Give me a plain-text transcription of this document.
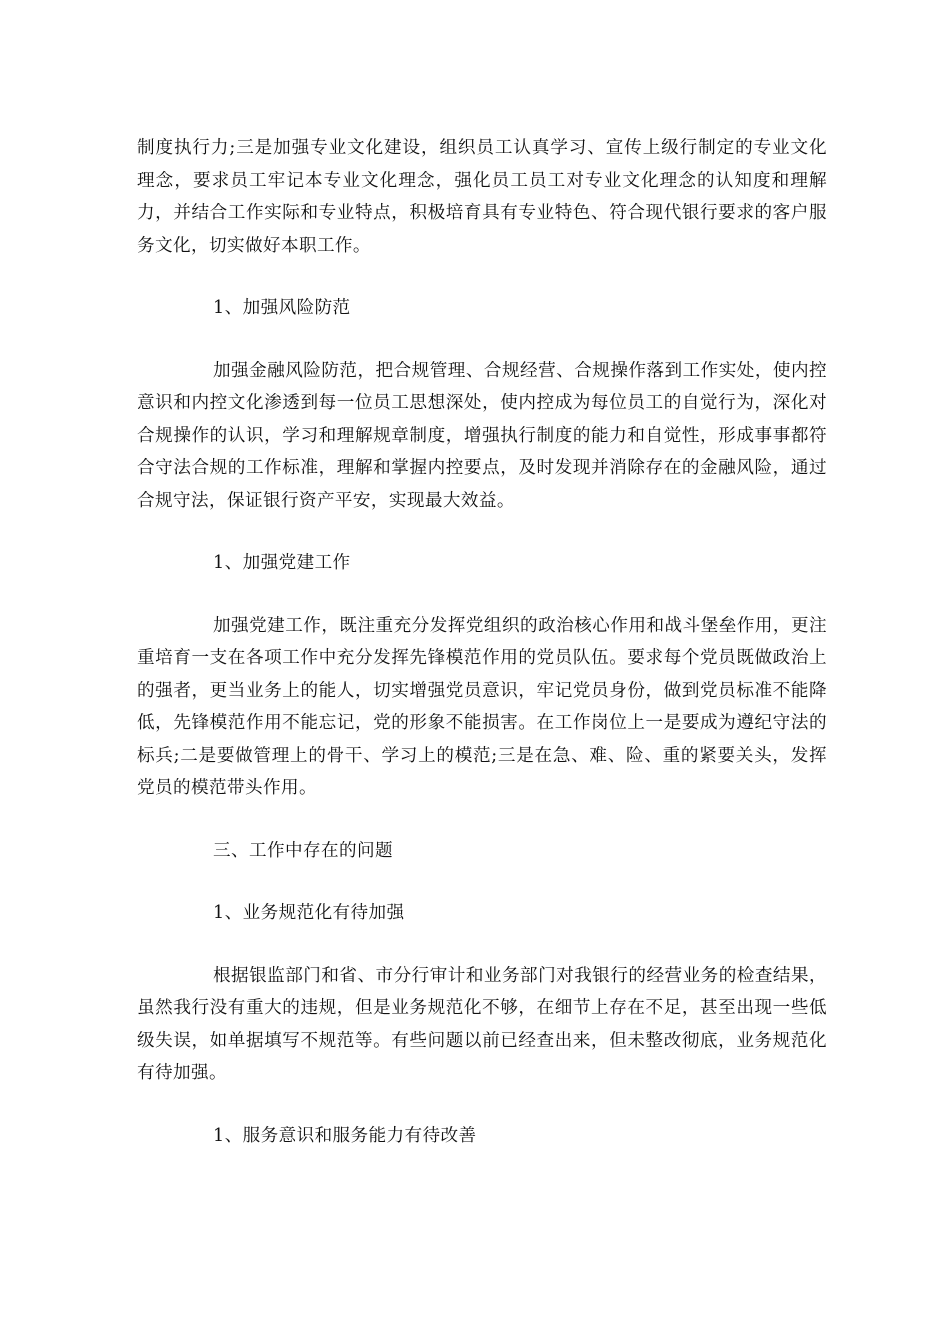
制度执行力;三是加强专业文化建设，组织员工认真学习、宣传上级行制定的专业文化理念，要求员工牢记本专业文化理念，强化员工员工对专业文化理念的认知度和理解力，并结合工作实际和专业特点，积极培育具有专业特色、符合现代银行要求的客户服务文化，切实做好本职工作。

1、加强风险防范

加强金融风险防范，把合规管理、合规经营、合规操作落到工作实处，使内控意识和内控文化渗透到每一位员工思想深处，使内控成为每位员工的自觉行为，深化对合规操作的认识，学习和理解规章制度，增强执行制度的能力和自觉性，形成事事都符合守法合规的工作标准，理解和掌握内控要点，及时发现并消除存在的金融风险，通过合规守法，保证银行资产平安，实现最大效益。

1、加强党建工作

加强党建工作，既注重充分发挥党组织的政治核心作用和战斗堡垒作用，更注重培育一支在各项工作中充分发挥先锋模范作用的党员队伍。要求每个党员既做政治上的强者，更当业务上的能人，切实增强党员意识，牢记党员身份，做到党员标准不能降低，先锋模范作用不能忘记，党的形象不能损害。在工作岗位上一是要成为遵纪守法的标兵;二是要做管理上的骨干、学习上的模范;三是在急、难、险、重的紧要关头，发挥党员的模范带头作用。

三、工作中存在的问题

1、业务规范化有待加强

根据银监部门和省、市分行审计和业务部门对我银行的经营业务的检查结果，虽然我行没有重大的违规，但是业务规范化不够，在细节上存在不足，甚至出现一些低级失误，如单据填写不规范等。有些问题以前已经查出来，但未整改彻底，业务规范化有待加强。

1、服务意识和服务能力有待改善
